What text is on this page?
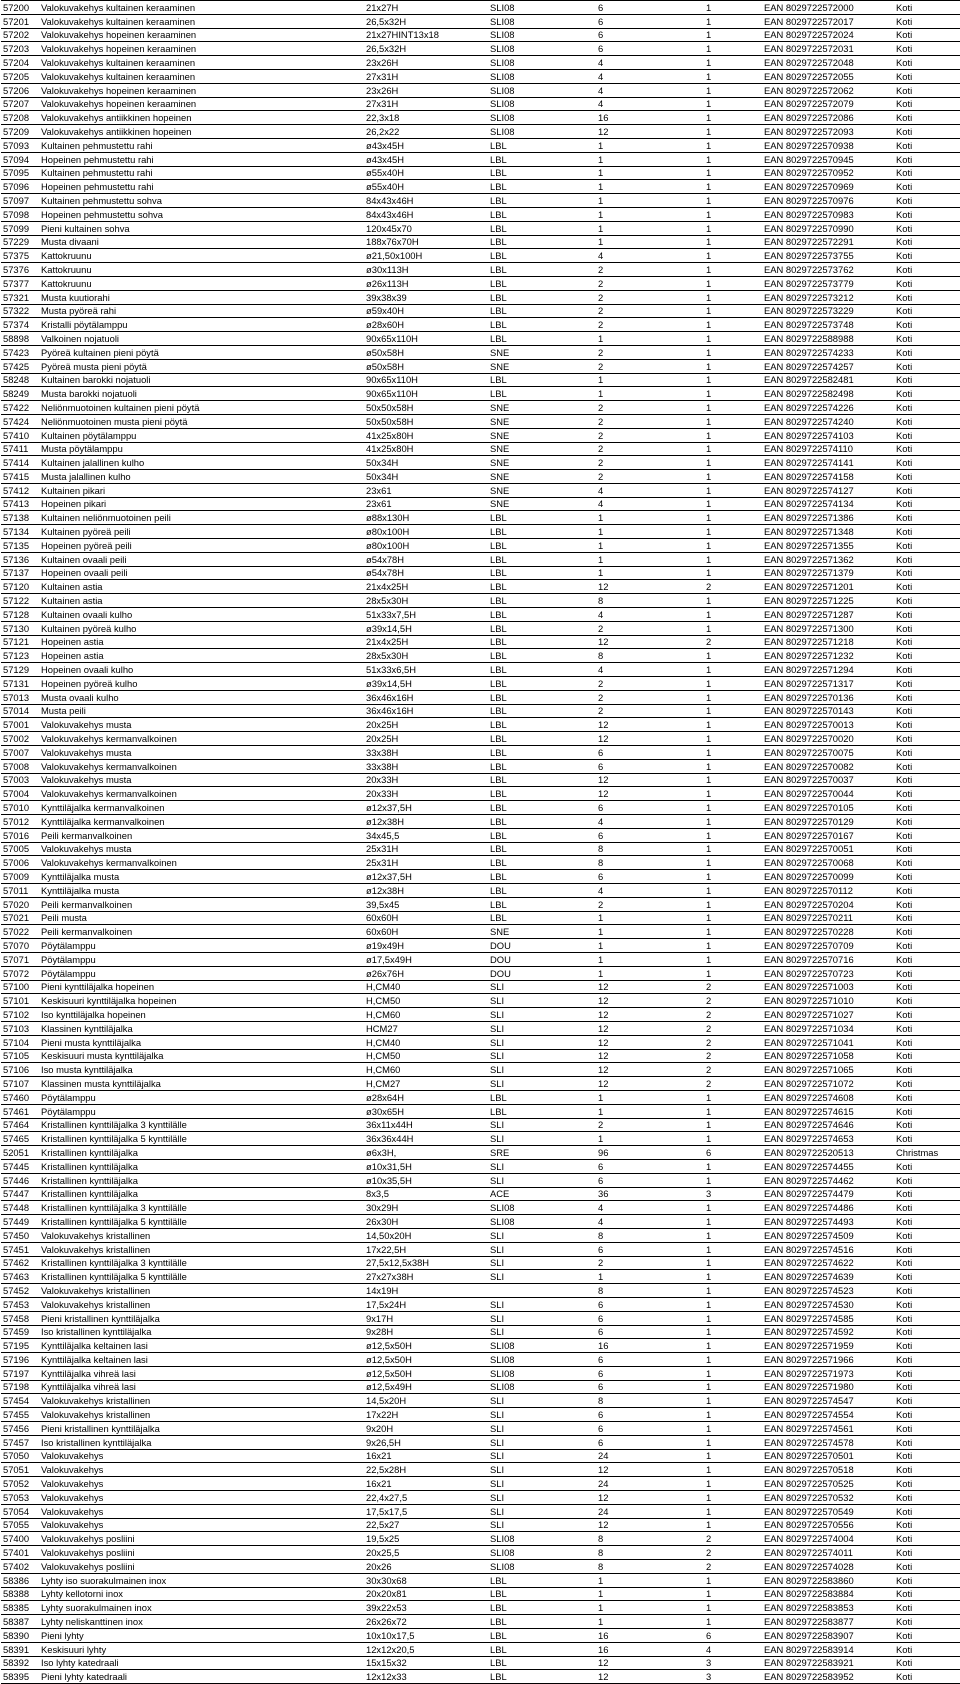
57200	Valokuvakehys kultainen keraaminen	21x27H	SLI08	6	1	EAN 8029722572000	Koti
57201	Valokuvakehys kultainen keraaminen	26,5x32H	SLI08	6	1	EAN 8029722572017	Koti
57202	Valokuvakehys hopeinen keraaminen	21x27HINT13x18	SLI08	6	1	EAN 8029722572024	Koti
57203	Valokuvakehys hopeinen keraaminen	26,5x32H	SLI08	6	1	EAN 8029722572031	Koti
57204	Valokuvakehys kultainen keraaminen	23x26H	SLI08	4	1	EAN 8029722572048	Koti
57205	Valokuvakehys kultainen keraaminen	27x31H	SLI08	4	1	EAN 8029722572055	Koti
57206	Valokuvakehys hopeinen keraaminen	23x26H	SLI08	4	1	EAN 8029722572062	Koti
57207	Valokuvakehys hopeinen keraaminen	27x31H	SLI08	4	1	EAN 8029722572079	Koti
57208	Valokuvakehys antiikkinen hopeinen	22,3x18	SLI08	16	1	EAN 8029722572086	Koti
57209	Valokuvakehys antiikkinen hopeinen	26,2x22	SLI08	12	1	EAN 8029722572093	Koti
57093	Kultainen pehmustettu rahi	ø43x45H	LBL	1	1	EAN 8029722570938	Koti
57094	Hopeinen pehmustettu rahi	ø43x45H	LBL	1	1	EAN 8029722570945	Koti
57095	Kultainen pehmustettu rahi	ø55x40H	LBL	1	1	EAN 8029722570952	Koti
57096	Hopeinen pehmustettu rahi	ø55x40H	LBL	1	1	EAN 8029722570969	Koti
57097	Kultainen pehmustettu sohva	84x43x46H	LBL	1	1	EAN 8029722570976	Koti
57098	Hopeinen pehmustettu sohva	84x43x46H	LBL	1	1	EAN 8029722570983	Koti
57099	Pieni kultainen sohva	120x45x70	LBL	1	1	EAN 8029722570990	Koti
57229	Musta divaani	188x76x70H	LBL	1	1	EAN 8029722572291	Koti
57375	Kattokruunu	ø21,50x100H	LBL	4	1	EAN 8029722573755	Koti
57376	Kattokruunu	ø30x113H	LBL	2	1	EAN 8029722573762	Koti
57377	Kattokruunu	ø26x113H	LBL	2	1	EAN 8029722573779	Koti
57321	Musta kuutiorahi	39x38x39	LBL	2	1	EAN 8029722573212	Koti
57322	Musta pyöreä rahi	ø59x40H	LBL	2	1	EAN 8029722573229	Koti
57374	Kristalli pöytälamppu	ø28x60H	LBL	2	1	EAN 8029722573748	Koti
58898	Valkoinen nojatuoli	90x65x110H	LBL	1	1	EAN 8029722588988	Koti
57423	Pyöreä kultainen pieni pöytä	ø50x58H	SNE	2	1	EAN 8029722574233	Koti
57425	Pyöreä musta pieni pöytä	ø50x58H	SNE	2	1	EAN 8029722574257	Koti
58248	Kultainen barokki nojatuoli	90x65x110H	LBL	1	1	EAN 8029722582481	Koti
58249	Musta barokki nojatuoli	90x65x110H	LBL	1	1	EAN 8029722582498	Koti
57422	Neliönmuotoinen kultainen pieni pöytä	50x50x58H	SNE	2	1	EAN 8029722574226	Koti
57424	Neliönmuotoinen musta pieni pöytä	50x50x58H	SNE	2	1	EAN 8029722574240	Koti
57410	Kultainen pöytälamppu	41x25x80H	SNE	2	1	EAN 8029722574103	Koti
57411	Musta pöytälamppu	41x25x80H	SNE	2	1	EAN 8029722574110	Koti
57414	Kultainen jalallinen kulho	50x34H	SNE	2	1	EAN 8029722574141	Koti
57415	Musta jalallinen kulho	50x34H	SNE	2	1	EAN 8029722574158	Koti
57412	Kultainen pikari	23x61	SNE	4	1	EAN 8029722574127	Koti
57413	Hopeinen pikari	23x61	SNE	4	1	EAN 8029722574134	Koti
57138	Kultainen neliönmuotoinen peili	ø88x130H	LBL	1	1	EAN 8029722571386	Koti
57134	Kultainen pyöreä peili	ø80x100H	LBL	1	1	EAN 8029722571348	Koti
57135	Hopeinen pyöreä peili	ø80x100H	LBL	1	1	EAN 8029722571355	Koti
57136	Kultainen ovaali peili	ø54x78H	LBL	1	1	EAN 8029722571362	Koti
57137	Hopeinen ovaali peili	ø54x78H	LBL	1	1	EAN 8029722571379	Koti
57120	Kultainen astia	21x4x25H	LBL	12	2	EAN 8029722571201	Koti
57122	Kultainen astia	28x5x30H	LBL	8	1	EAN 8029722571225	Koti
57128	Kultainen ovaali kulho	51x33x7,5H	LBL	4	1	EAN 8029722571287	Koti
57130	Kultainen pyöreä kulho	ø39x14,5H	LBL	2	1	EAN 8029722571300	Koti
57121	Hopeinen astia	21x4x25H	LBL	12	2	EAN 8029722571218	Koti
57123	Hopeinen astia	28x5x30H	LBL	8	1	EAN 8029722571232	Koti
57129	Hopeinen ovaali kulho	51x33x6,5H	LBL	4	1	EAN 8029722571294	Koti
57131	Hopeinen pyöreä kulho	ø39x14,5H	LBL	2	1	EAN 8029722571317	Koti
57013	Musta ovaali kulho	36x46x16H	LBL	2	1	EAN 8029722570136	Koti
57014	Musta peili	36x46x16H	LBL	2	1	EAN 8029722570143	Koti
57001	Valokuvakehys musta	20x25H	LBL	12	1	EAN 8029722570013	Koti
57002	Valokuvakehys kermanvalkoinen	20x25H	LBL	12	1	EAN 8029722570020	Koti
57007	Valokuvakehys musta	33x38H	LBL	6	1	EAN 8029722570075	Koti
57008	Valokuvakehys kermanvalkoinen	33x38H	LBL	6	1	EAN 8029722570082	Koti
57003	Valokuvakehys musta	20x33H	LBL	12	1	EAN 8029722570037	Koti
57004	Valokuvakehys kermanvalkoinen	20x33H	LBL	12	1	EAN 8029722570044	Koti
57010	Kynttiläjalka kermanvalkoinen	ø12x37,5H	LBL	6	1	EAN 8029722570105	Koti
57012	Kynttiläjalka kermanvalkoinen	ø12x38H	LBL	4	1	EAN 8029722570129	Koti
57016	Peili kermanvalkoinen	34x45,5	LBL	6	1	EAN 8029722570167	Koti
57005	Valokuvakehys musta	25x31H	LBL	8	1	EAN 8029722570051	Koti
57006	Valokuvakehys kermanvalkoinen	25x31H	LBL	8	1	EAN 8029722570068	Koti
57009	Kynttiläjalka musta	ø12x37,5H	LBL	6	1	EAN 8029722570099	Koti
57011	Kynttiläjalka musta	ø12x38H	LBL	4	1	EAN 8029722570112	Koti
57020	Peili kermanvalkoinen	39,5x45	LBL	2	1	EAN 8029722570204	Koti
57021	Peili musta	60x60H	LBL	1	1	EAN 8029722570211	Koti
57022	Peili kermanvalkoinen	60x60H	SNE	1	1	EAN 8029722570228	Koti
57070	Pöytälamppu	ø19x49H	DOU	1	1	EAN 8029722570709	Koti
57071	Pöytälamppu	ø17,5x49H	DOU	1	1	EAN 8029722570716	Koti
57072	Pöytälamppu	ø26x76H	DOU	1	1	EAN 8029722570723	Koti
57100	Pieni kynttiläjalka hopeinen	H,CM40	SLI	12	2	EAN 8029722571003	Koti
57101	Keskisuuri kynttiläjalka hopeinen	H,CM50	SLI	12	2	EAN 8029722571010	Koti
57102	Iso kynttiläjalka hopeinen	H,CM60	SLI	12	2	EAN 8029722571027	Koti
57103	Klassinen kynttiläjalka	HCM27	SLI	12	2	EAN 8029722571034	Koti
57104	Pieni musta kynttiläjalka	H,CM40	SLI	12	2	EAN 8029722571041	Koti
57105	Keskisuuri musta kynttiläjalka	H,CM50	SLI	12	2	EAN 8029722571058	Koti
57106	Iso musta kynttiläjalka	H,CM60	SLI	12	2	EAN 8029722571065	Koti
57107	Klassinen musta kynttiläjalka	H,CM27	SLI	12	2	EAN 8029722571072	Koti
57460	Pöytälamppu	ø28x64H	LBL	1	1	EAN 8029722574608	Koti
57461	Pöytälamppu	ø30x65H	LBL	1	1	EAN 8029722574615	Koti
57464	Kristallinen kynttiläjalka 3 kynttilälle	36x11x44H	SLI	2	1	EAN 8029722574646	Koti
57465	Kristallinen kynttiläjalka 5 kynttilälle	36x36x44H	SLI	1	1	EAN 8029722574653	Koti
52051	Kristallinen kynttiläjalka	ø6x3H,	SRE	96	6	EAN 8029722520513	Christmas
57445	Kristallinen kynttiläjalka	ø10x31,5H	SLI	6	1	EAN 8029722574455	Koti
57446	Kristallinen kynttiläjalka	ø10x35,5H	SLI	6	1	EAN 8029722574462	Koti
57447	Kristallinen kynttiläjalka	8x3,5	ACE	36	3	EAN 8029722574479	Koti
57448	Kristallinen kynttiläjalka 3 kynttilälle	30x29H	SLI08	4	1	EAN 8029722574486	Koti
57449	Kristallinen kynttiläjalka 5 kynttilälle	26x30H	SLI08	4	1	EAN 8029722574493	Koti
57450	Valokuvakehys kristallinen	14,50x20H	SLI	8	1	EAN 8029722574509	Koti
57451	Valokuvakehys kristallinen	17x22,5H	SLI	6	1	EAN 8029722574516	Koti
57462	Kristallinen kynttiläjalka 3 kynttilälle	27,5x12,5x38H	SLI	2	1	EAN 8029722574622	Koti
57463	Kristallinen kynttiläjalka 5 kynttilälle	27x27x38H	SLI	1	1	EAN 8029722574639	Koti
57452	Valokuvakehys kristallinen	14x19H		8	1	EAN 8029722574523	Koti
57453	Valokuvakehys kristallinen	17,5x24H	SLI	6	1	EAN 8029722574530	Koti
57458	Pieni kristallinen kynttiläjalka	9x17H	SLI	6	1	EAN 8029722574585	Koti
57459	Iso kristallinen kynttiläjalka	9x28H	SLI	6	1	EAN 8029722574592	Koti
57195	Kynttiläjalka keltainen lasi	ø12,5x50H	SLI08	16	1	EAN 8029722571959	Koti
57196	Kynttiläjalka keltainen lasi	ø12,5x50H	SLI08	6	1	EAN 8029722571966	Koti
57197	Kynttiläjalka vihreä lasi	ø12,5x50H	SLI08	6	1	EAN 8029722571973	Koti
57198	Kynttiläjalka vihreä lasi	ø12,5x49H	SLI08	6	1	EAN 8029722571980	Koti
57454	Valokuvakehys kristallinen	14,5x20H	SLI	8	1	EAN 8029722574547	Koti
57455	Valokuvakehys kristallinen	17x22H	SLI	6	1	EAN 8029722574554	Koti
57456	Pieni kristallinen kynttiläjalka	9x20H	SLI	6	1	EAN 8029722574561	Koti
57457	Iso kristallinen kynttiläjalka	9x26,5H	SLI	6	1	EAN 8029722574578	Koti
57050	Valokuvakehys	16x21	SLI	24	1	EAN 8029722570501	Koti
57051	Valokuvakehys	22,5x28H	SLI	12	1	EAN 8029722570518	Koti
57052	Valokuvakehys	16x21	SLI	24	1	EAN 8029722570525	Koti
57053	Valokuvakehys	22,4x27,5	SLI	12	1	EAN 8029722570532	Koti
57054	Valokuvakehys	17,5x17,5	SLI	24	1	EAN 8029722570549	Koti
57055	Valokuvakehys	22,5x27	SLI	12	1	EAN 8029722570556	Koti
57400	Valokuvakehys posliini	19,5x25	SLI08	8	2	EAN 8029722574004	Koti
57401	Valokuvakehys posliini	20x25,5	SLI08	8	2	EAN 8029722574011	Koti
57402	Valokuvakehys posliini	20x26	SLI08	8	2	EAN 8029722574028	Koti
58386	Lyhty iso suorakulmainen inox	30x30x68	LBL	1	1	EAN 8029722583860	Koti
58388	Lyhty kellotorni inox	20x20x81	LBL	1	1	EAN 8029722583884	Koti
58385	Lyhty suorakulmainen inox	39x22x53	LBL	1	1	EAN 8029722583853	Koti
58387	Lyhty neliskanttinen inox	26x26x72	LBL	1	1	EAN 8029722583877	Koti
58390	Pieni lyhty	10x10x17,5	LBL	16	6	EAN 8029722583907	Koti
58391	Keskisuuri lyhty	12x12x20,5	LBL	16	4	EAN 8029722583914	Koti
58392	Iso lyhty katedraali	15x15x32	LBL	12	3	EAN 8029722583921	Koti
58395	Pieni lyhty katedraali	12x12x33	LBL	12	3	EAN 8029722583952	Koti
